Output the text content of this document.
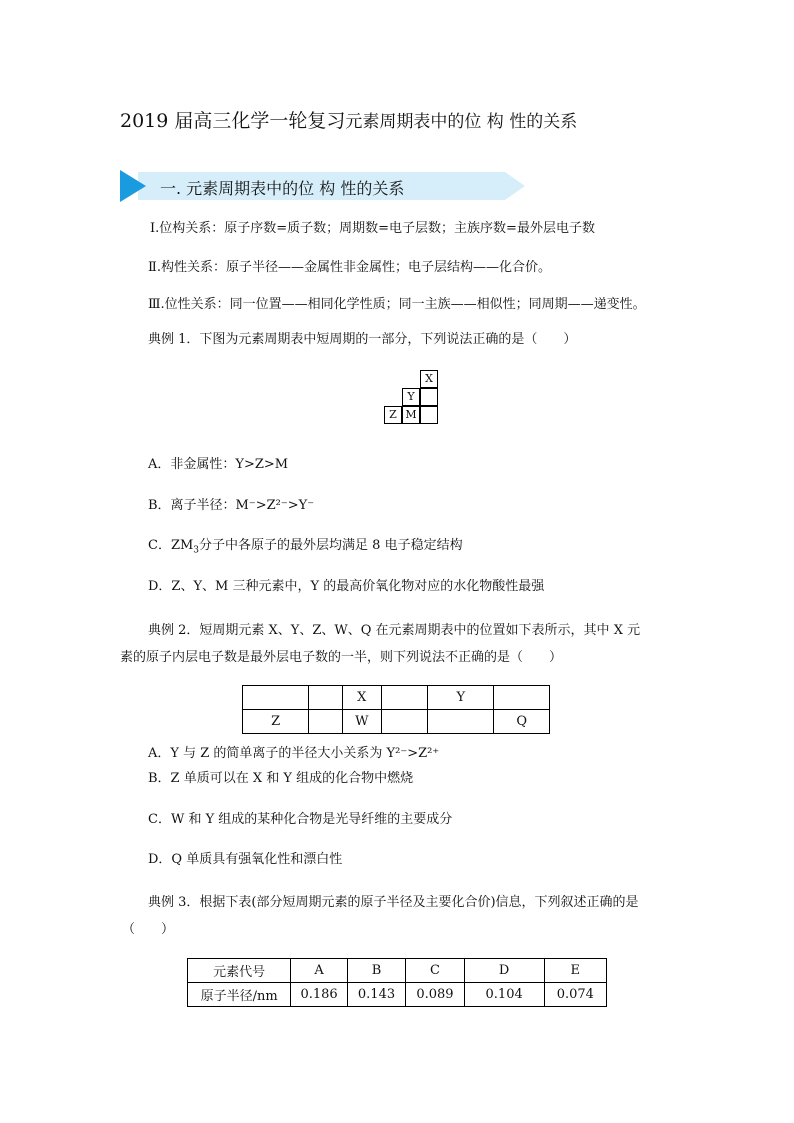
2019 届高三化学一轮复习元素周期表中的位 构 性的关系
一. 元素周期表中的位 构 性的关系
Ⅰ.位构关系：原子序数=质子数；周期数=电子层数；主族序数=最外层电子数
Ⅱ.构性关系：原子半径——金属性非金属性；电子层结构——化合价。
Ⅲ.位性关系：同一位置——相同化学性质；同一主族——相似性；同周期——递变性。
典例 1．下图为元素周期表中短周期的一部分，下列说法正确的是（　　）
X
Y
Z M
A．非金属性：Y>Z>M
B．离子半径：M⁻>Z²⁻>Y⁻
C．$ZM_3$分子中各原子的最外层均满足 8 电子稳定结构
D．Z、Y、M 三种元素中，Y 的最高价氧化物对应的水化物酸性最强
典例 2．短周期元素 X、Y、Z、W、Q 在元素周期表中的位置如下表所示，其中 X 元
素的原子内层电子数是最外层电子数的一半，则下列说法不正确的是（　　）
		X		Y	
Z		W			Q
A．Y 与 Z 的简单离子的半径大小关系为 Y²⁻>Z²⁺
B．Z 单质可以在 X 和 Y 组成的化合物中燃烧
C．W 和 Y 组成的某种化合物是光导纤维的主要成分
D．Q 单质具有强氧化性和漂白性
典例 3．根据下表(部分短周期元素的原子半径及主要化合价)信息，下列叙述正确的是
（　　）
元素代号	A	B	C	D	E
原子半径/nm	0.186	0.143	0.089	0.104	0.074
